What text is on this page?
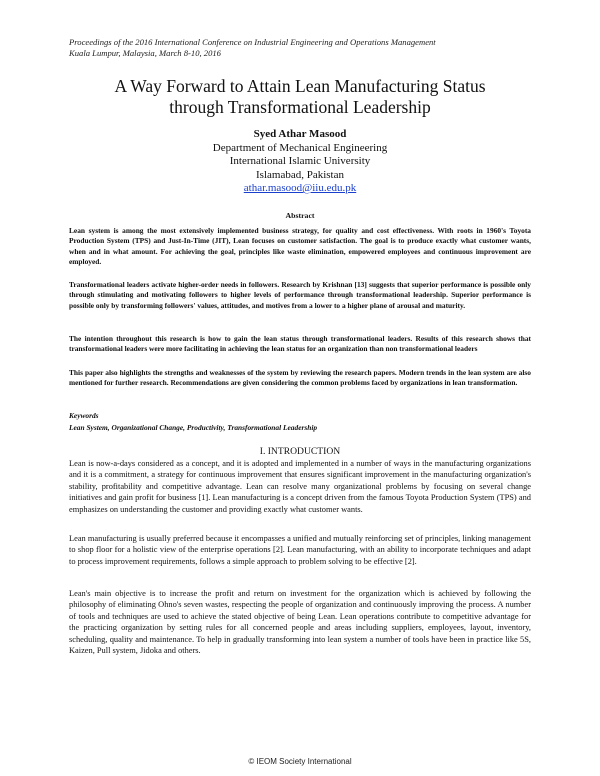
Proceedings of the 2016 International Conference on Industrial Engineering and Operations Management
Kuala Lumpur, Malaysia, March 8-10, 2016
A Way Forward to Attain Lean Manufacturing Status
through Transformational Leadership
Syed Athar Masood
Department of Mechanical Engineering
International Islamic University
Islamabad, Pakistan
athar.masood@iiu.edu.pk
Abstract

Lean system is among the most extensively implemented business strategy, for quality and cost effectiveness. With roots in 1960's Toyota Production System (TPS) and Just-In-Time (JIT), Lean focuses on customer satisfaction. The goal is to produce exactly what customer wants, when and in what amount. For achieving the goal, principles like waste elimination, empowered employees and continuous improvement are employed.

Transformational leaders activate higher-order needs in followers. Research by Krishnan [13] suggests that superior performance is possible only through stimulating and motivating followers to higher levels of performance through transformational leadership. Superior performance is possible only by transforming followers' values, attitudes, and motives from a lower to a higher plane of arousal and maturity.

The intention throughout this research is how to gain the lean status through transformational leaders. Results of this research shows that transformational leaders were more facilitating in achieving the lean status for an organization than non transformational leaders

This paper also highlights the strengths and weaknesses of the system by reviewing the research papers. Modern trends in the lean system are also mentioned for further research. Recommendations are given considering the common problems faced by organizations in lean transformation.

Keywords
Lean System, Organizational Change, Productivity, Transformational Leadership
I. INTRODUCTION

Lean is now-a-days considered as a concept, and it is adopted and implemented in a number of ways in the manufacturing organizations and it is a commitment, a strategy for continuous improvement that ensures significant improvement in the manufacturing organization's stability, profitability and competitive advantage. Lean can resolve many organizational problems by focusing on several change initiatives and gain profit for business [1]. Lean manufacturing is a concept driven from the famous Toyota Production System (TPS) and emphasizes on understanding the customer and providing exactly what customer wants.

Lean manufacturing is usually preferred because it encompasses a unified and mutually reinforcing set of principles, linking management to shop floor for a holistic view of the enterprise operations [2]. Lean manufacturing, with an ability to incorporate techniques and adapt to process improvement requirements, follows a simple approach to problem solving to be effective [2].

Lean's main objective is to increase the profit and return on investment for the organization which is achieved by following the philosophy of eliminating Ohno's seven wastes, respecting the people of organization and continuously improving the process. A number of tools and techniques are used to achieve the stated objective of being Lean. Lean operations contribute to competitive advantage for the practicing organization by setting rules for all concerned people and areas including suppliers, employees, layout, inventory, scheduling, quality and maintenance. To help in gradually transforming into lean system a number of tools have been in practice like 5S, Kaizen, Pull system, Jidoka and others.

© IEOM Society International
